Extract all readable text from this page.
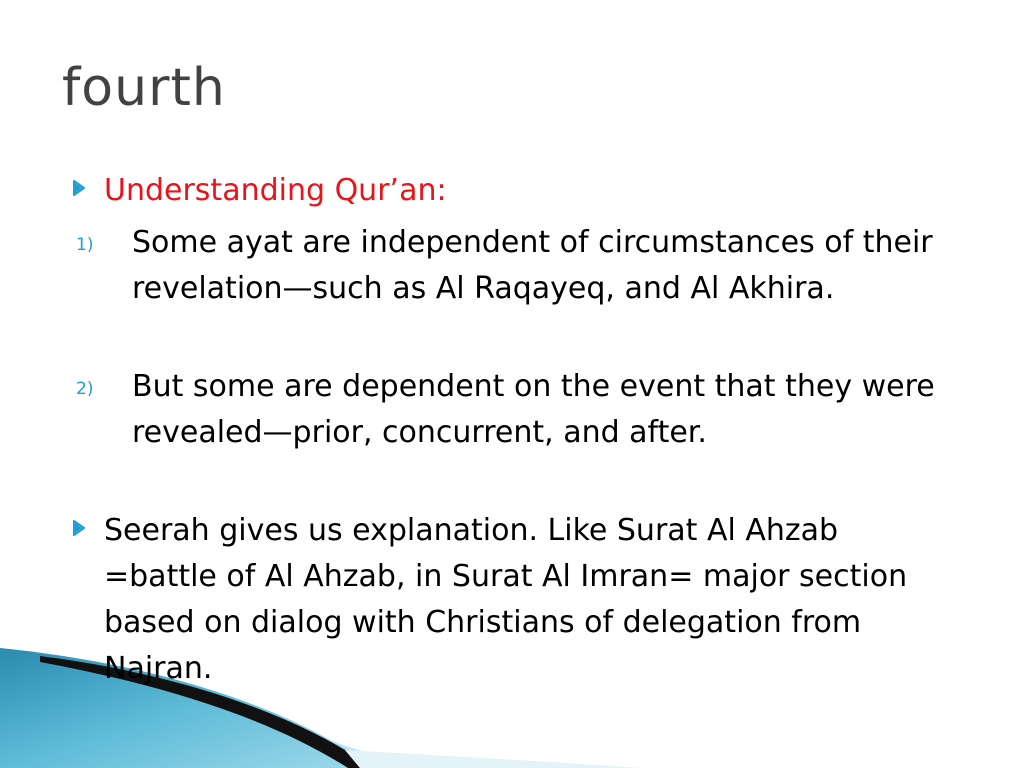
fourth
Understanding Qur’an:
1) Some ayat are independent of circumstances of their revelation—such as Al Raqayeq, and Al Akhira.
2) But some are dependent on the event that they were revealed—prior, concurrent, and after.
Seerah gives us explanation. Like Surat Al Ahzab =battle of Al Ahzab, in Surat Al Imran= major section based on dialog with Christians of delegation from Najran.
